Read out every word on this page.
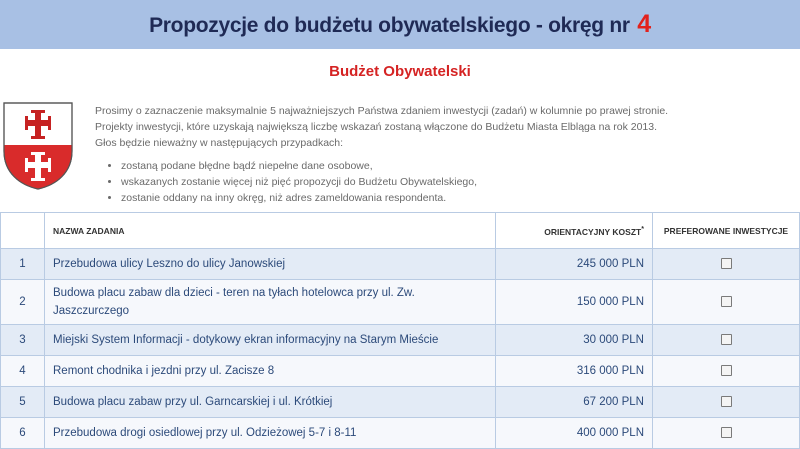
Propozycje do budżetu obywatelskiego - okręg nr 4
Budżet Obywatelski

Prosimy o zaznaczenie maksymalnie 5 najważniejszych Państwa zdaniem inwestycji (zadań) w kolumnie po prawej stronie.

Projekty inwestycji, które uzyskają największą liczbę wskazań zostaną włączone do Budżetu Miasta Elbląga na rok 2013.

Głos będzie nieważny w następujących przypadkach:

• zostaną podane błędne bądź niepełne dane osobowe,
• wskazanych zostanie więcej niż pięć propozycji do Budżetu Obywatelskiego,
• zostanie oddany na inny okręg, niż adres zameldowania respondenta.
	NAZWA ZADANIA	ORIENTACYJNY KOSZT*	PREFEROWANE INWESTYCJE
1	Przebudowa ulicy Leszno do ulicy Janowskiej	245 000 PLN	
2	Budowa placu zabaw dla dzieci - teren na tyłach hotelowca przy ul. Zw. Jaszczurczego	150 000 PLN	
3	Miejski System Informacji - dotykowy ekran informacyjny na Starym Mieście	30 000 PLN	
4	Remont chodnika i jezdni przy ul. Zacisze 8	316 000 PLN	
5	Budowa placu zabaw przy ul. Garncarskiej i ul. Krótkiej	67 200 PLN	
6	Przebudowa drogi osiedlowej przy ul. Odzieżowej 5-7 i 8-11	400 000 PLN	
